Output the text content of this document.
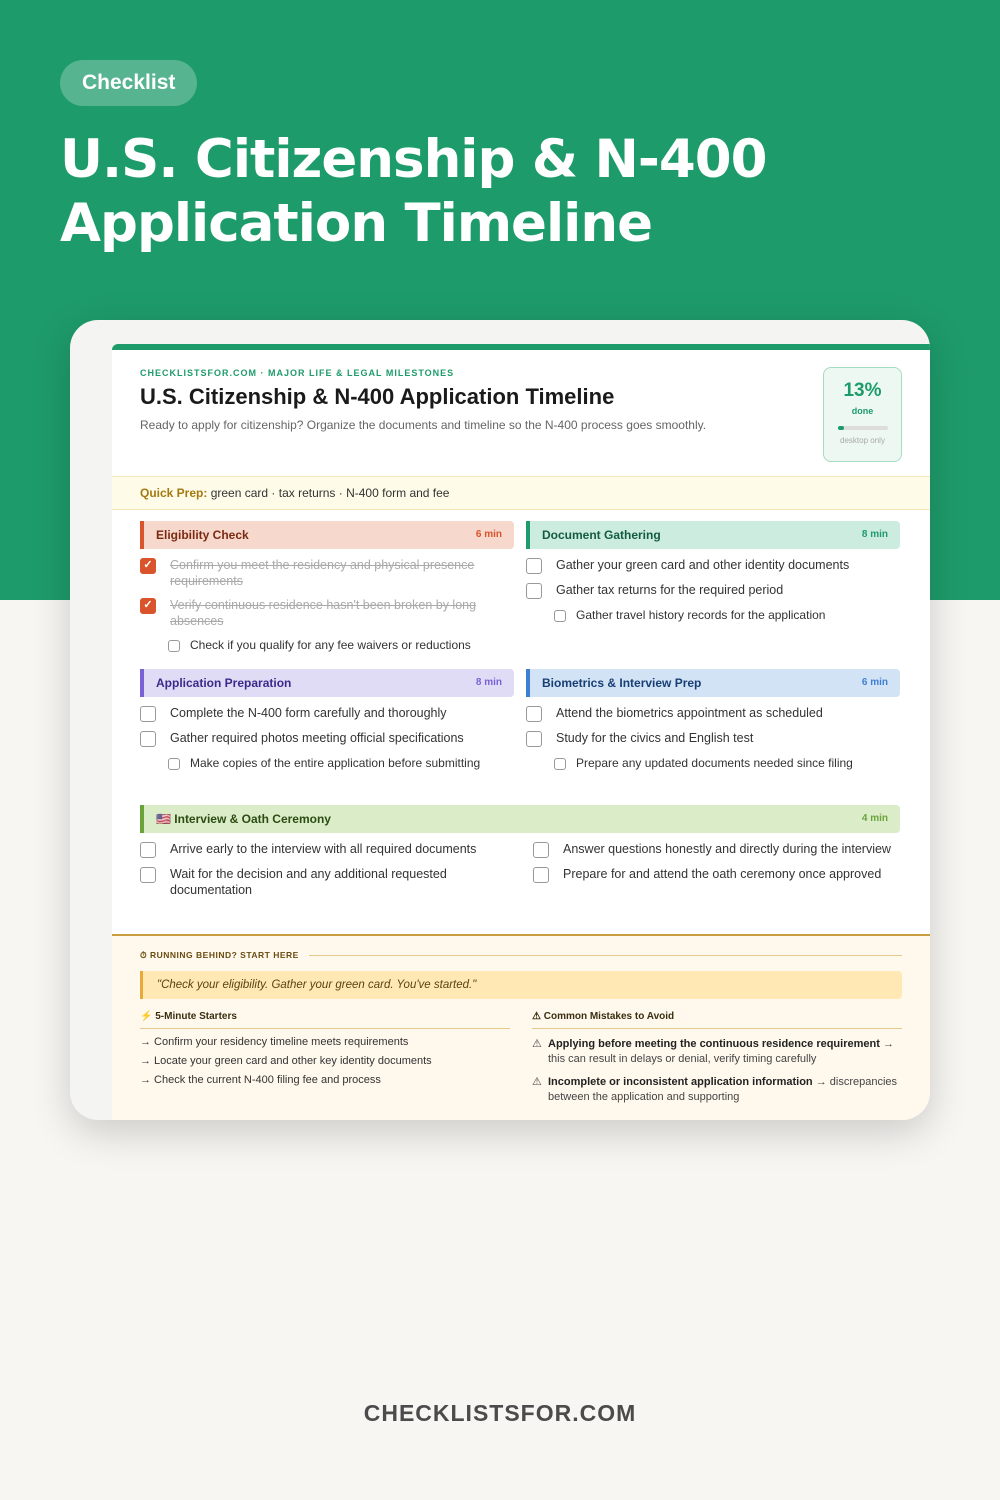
Checklist
U.S. Citizenship & N-400 Application Timeline
CHECKLISTSFOR.COM · MAJOR LIFE & LEGAL MILESTONES
U.S. Citizenship & N-400 Application Timeline
Ready to apply for citizenship? Organize the documents and timeline so the N-400 process goes smoothly.
13%
done
desktop only
Quick Prep: green card · tax returns · N-400 form and fee
Eligibility Check	6 min
✓ Confirm you meet the residency and physical presence requirements
✓ Verify continuous residence hasn't been broken by long absences
Check if you qualify for any fee waivers or reductions
Document Gathering	8 min
Gather your green card and other identity documents
Gather tax returns for the required period
Gather travel history records for the application
Application Preparation	8 min
Complete the N-400 form carefully and thoroughly
Gather required photos meeting official specifications
Make copies of the entire application before submitting
Biometrics & Interview Prep	6 min
Attend the biometrics appointment as scheduled
Study for the civics and English test
Prepare any updated documents needed since filing
🇺🇸 Interview & Oath Ceremony	4 min
Arrive early to the interview with all required documents	Answer questions honestly and directly during the interview
Wait for the decision and any additional requested documentation
Prepare for and attend the oath ceremony once approved
⏱ RUNNING BEHIND? START HERE
"Check your eligibility. Gather your green card. You've started."
⚡ 5-Minute Starters
→ Confirm your residency timeline meets requirements
→ Locate your green card and other key identity documents
→ Check the current N-400 filing fee and process
⚠ Common Mistakes to Avoid
⚠ Applying before meeting the continuous residence requirement → this can result in delays or denial, verify timing carefully
⚠ Incomplete or inconsistent application information → discrepancies between the application and supporting
CHECKLISTSFOR.COM
